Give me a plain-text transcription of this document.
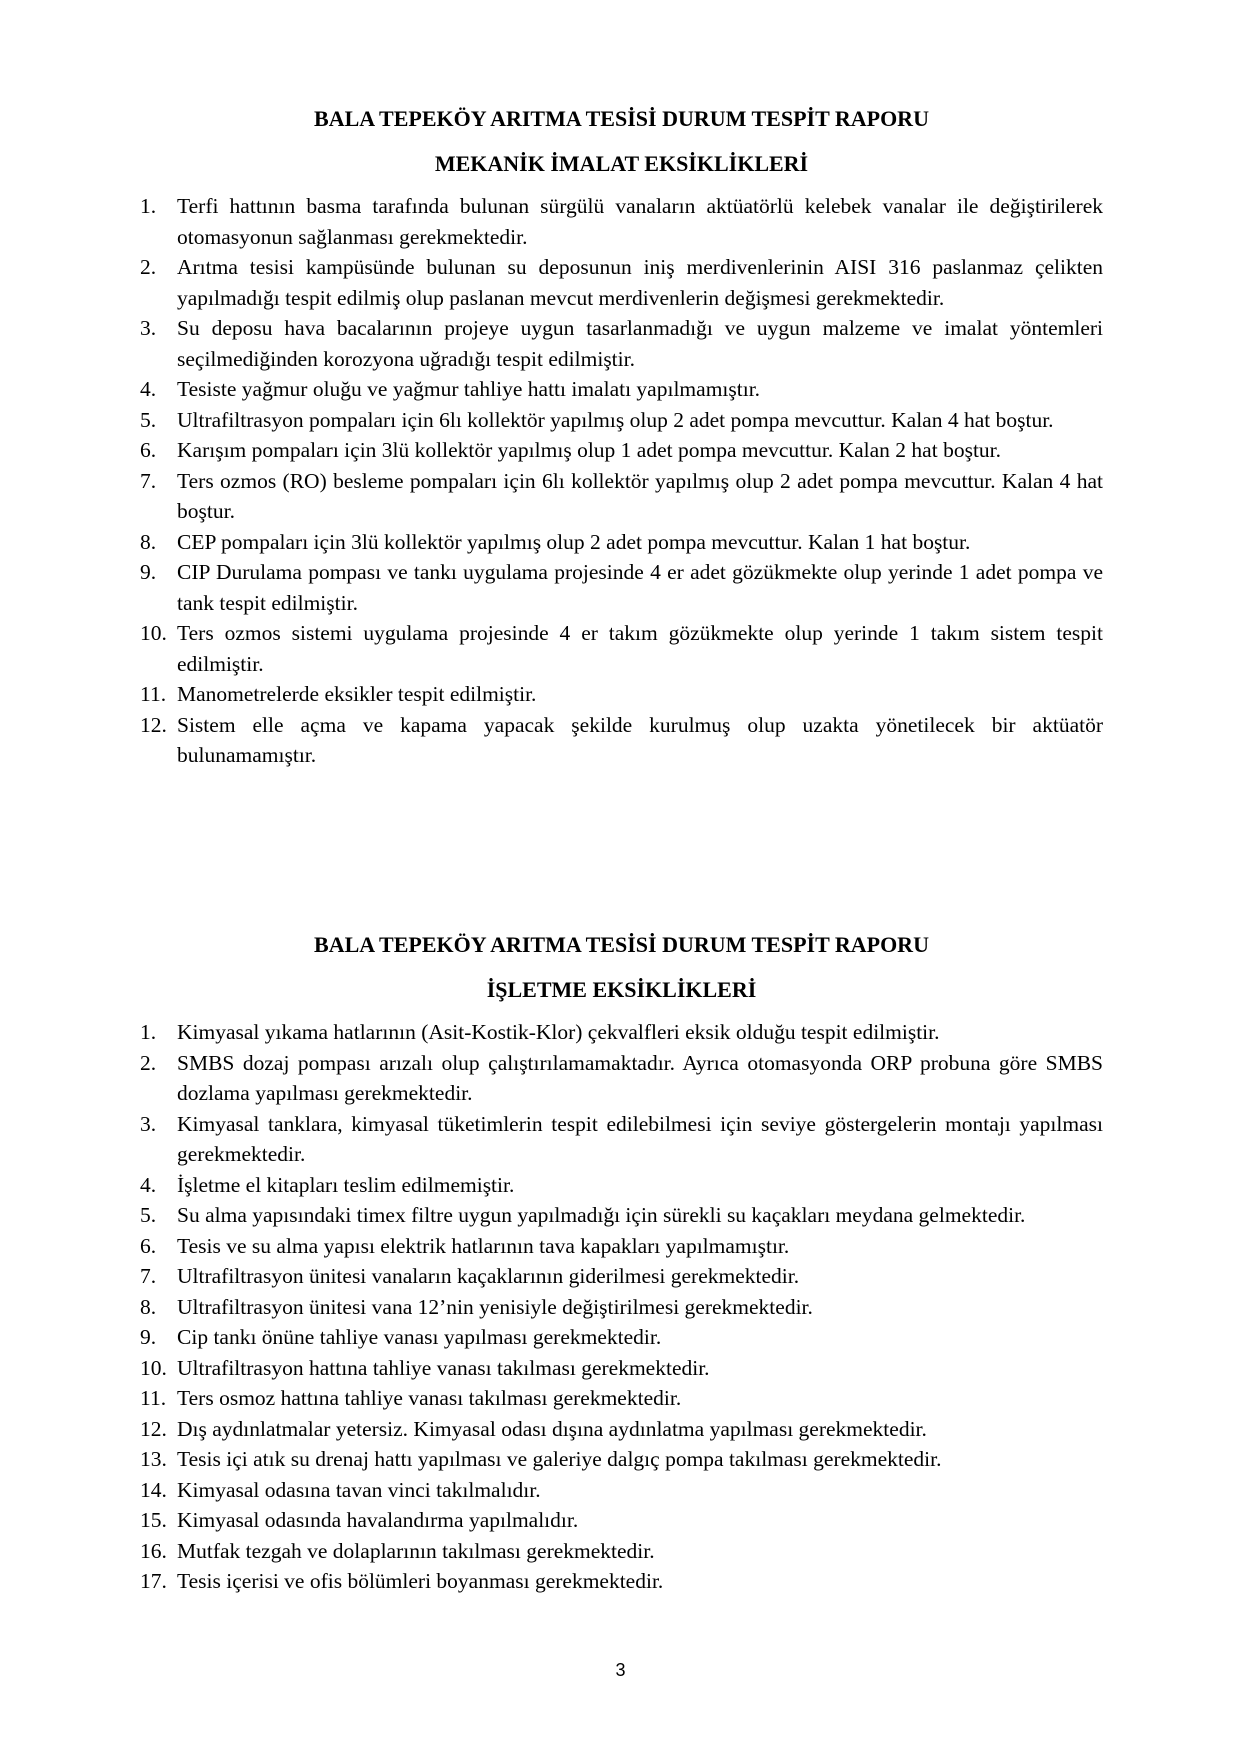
BALA TEPEKÖY ARITMA TESİSİ DURUM TESPİT RAPORU
MEKANİK İMALAT EKSİKLİKLERİ
1. Terfi hattının basma tarafında bulunan sürgülü vanaların aktüatörlü kelebek vanalar ile değiştirilerek otomasyonun sağlanması gerekmektedir.
2. Arıtma tesisi kampüsünde bulunan su deposunun iniş merdivenlerinin AISI 316 paslanmaz çelikten yapılmadığı tespit edilmiş olup paslanan mevcut merdivenlerin değişmesi gerekmektedir.
3. Su deposu hava bacalarının projeye uygun tasarlanmadığı ve uygun malzeme ve imalat yöntemleri seçilmediğinden korozyona uğradığı tespit edilmiştir.
4. Tesiste yağmur oluğu ve yağmur tahliye hattı imalatı yapılmamıştır.
5. Ultrafiltrasyon pompaları için 6lı kollektör yapılmış olup 2 adet pompa mevcuttur. Kalan 4 hat boştur.
6. Karışım pompaları için 3lü kollektör yapılmış olup 1 adet pompa mevcuttur. Kalan 2 hat boştur.
7. Ters ozmos (RO) besleme pompaları için 6lı kollektör yapılmış olup 2 adet pompa mevcuttur. Kalan 4 hat boştur.
8. CEP pompaları için 3lü kollektör yapılmış olup 2 adet pompa mevcuttur. Kalan 1 hat boştur.
9. CIP Durulama pompası ve tankı uygulama projesinde 4 er adet gözükmekte olup yerinde 1 adet pompa ve tank tespit edilmiştir.
10. Ters ozmos sistemi uygulama projesinde 4 er takım gözükmekte olup yerinde 1 takım sistem tespit edilmiştir.
11. Manometrelerde eksikler tespit edilmiştir.
12. Sistem elle açma ve kapama yapacak şekilde kurulmuş olup uzakta yönetilecek bir aktüatör bulunamamıştır.
BALA TEPEKÖY ARITMA TESİSİ DURUM TESPİT RAPORU
İŞLETME EKSİKLİKLERİ
1. Kimyasal yıkama hatlarının (Asit-Kostik-Klor) çekvalfleri eksik olduğu tespit edilmiştir.
2. SMBS dozaj pompası arızalı olup çalıştırılamamaktadır. Ayrıca otomasyonda ORP probuna göre SMBS dozlama yapılması gerekmektedir.
3. Kimyasal tanklara, kimyasal tüketimlerin tespit edilebilmesi için seviye göstergelerin montajı yapılması gerekmektedir.
4. İşletme el kitapları teslim edilmemiştir.
5. Su alma yapısındaki timex filtre uygun yapılmadığı için sürekli su kaçakları meydana gelmektedir.
6. Tesis ve su alma yapısı elektrik hatlarının tava kapakları yapılmamıştır.
7. Ultrafiltrasyon ünitesi vanaların kaçaklarının giderilmesi gerekmektedir.
8. Ultrafiltrasyon ünitesi vana 12’nin yenisiyle değiştirilmesi gerekmektedir.
9. Cip tankı önüne tahliye vanası yapılması gerekmektedir.
10. Ultrafiltrasyon hattına tahliye vanası takılması gerekmektedir.
11. Ters osmoz hattına tahliye vanası takılması gerekmektedir.
12. Dış aydınlatmalar yetersiz. Kimyasal odası dışına aydınlatma yapılması gerekmektedir.
13. Tesis içi atık su drenaj hattı yapılması ve galeriye dalgıç pompa takılması gerekmektedir.
14. Kimyasal odasına tavan vinci takılmalıdır.
15. Kimyasal odasında havalandırma yapılmalıdır.
16. Mutfak tezgah ve dolaplarının takılması gerekmektedir.
17. Tesis içerisi ve ofis bölümleri boyanması gerekmektedir.
3
